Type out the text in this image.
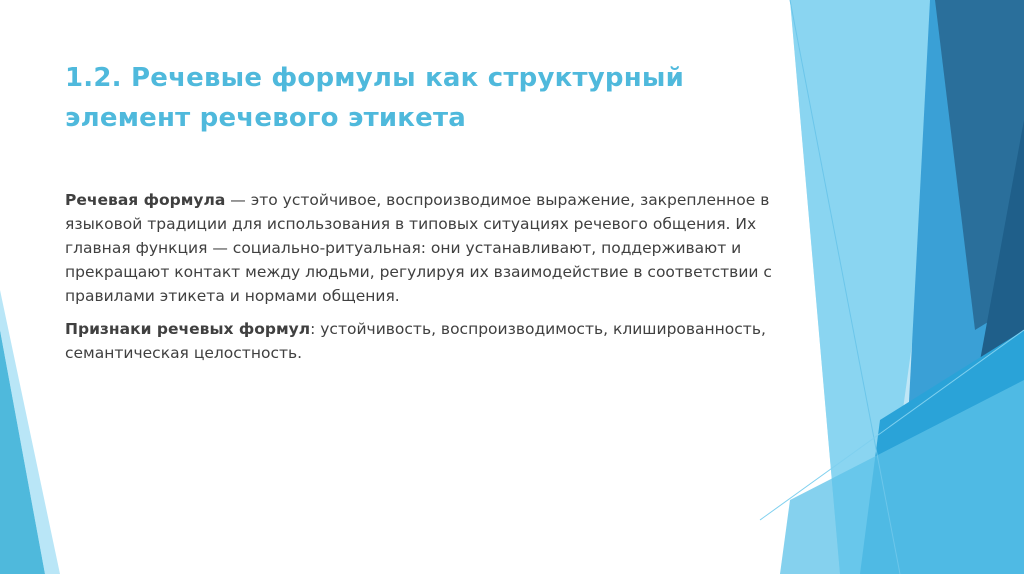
1.2. Речевые формулы как структурный
элемент речевого этикета

Речевая формула — это устойчивое, воспроизводимое выражение, закрепленное в языковой традиции для использования в типовых ситуациях речевого общения. Их главная функция — социально-ритуальная: они устанавливают, поддерживают и прекращают контакт между людьми, регулируя их взаимодействие в соответствии с правилами этикета и нормами общения.

Признаки речевых формул: устойчивость, воспроизводимость, клишированность, семантическая целостность.
